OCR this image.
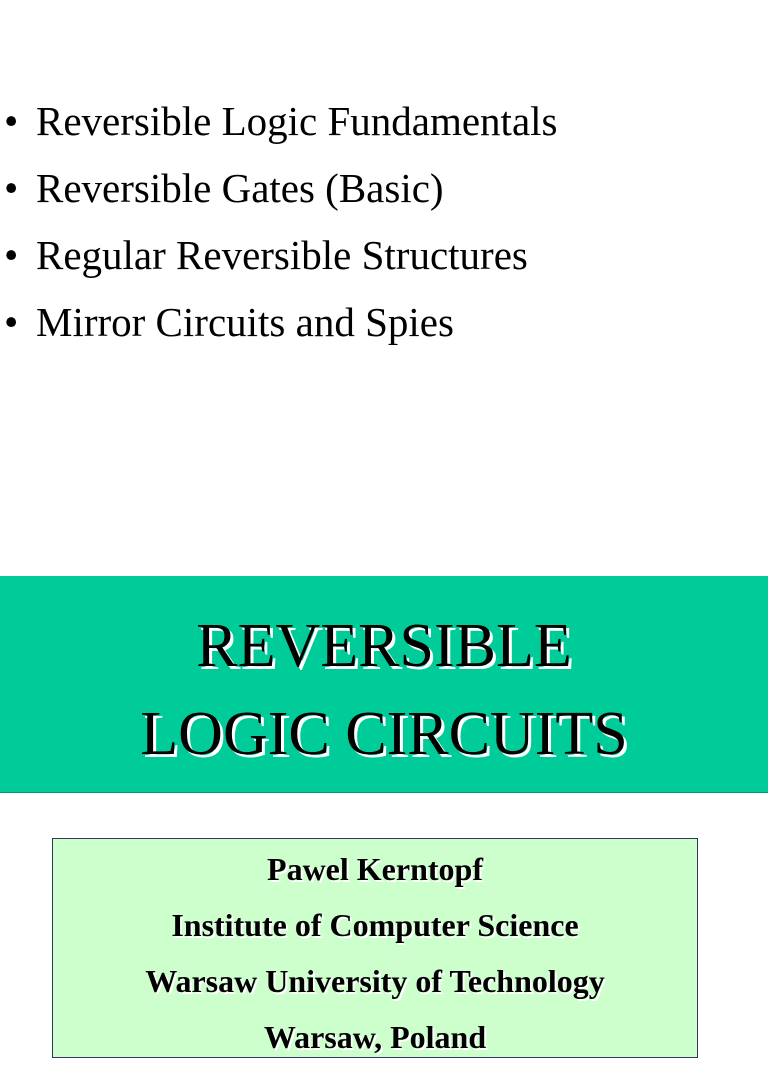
• Reversible Logic Fundamentals
• Reversible Gates (Basic)
• Regular Reversible Structures
• Mirror Circuits and Spies
REVERSIBLE
LOGIC CIRCUITS
Pawel Kerntopf
Institute of Computer Science
Warsaw University of Technology
Warsaw, Poland
